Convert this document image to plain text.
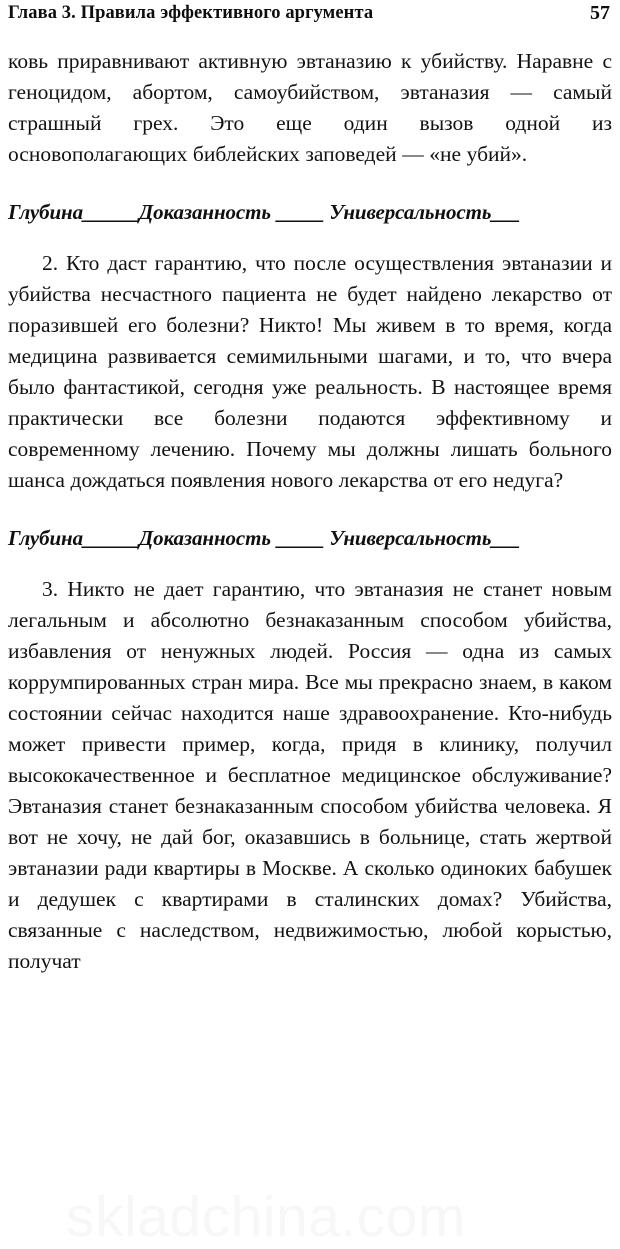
Глава 3. Правила эффективного аргумента	57

ковь приравнивают активную эвтаназию к убийству. Наравне с геноцидом, абортом, самоубийством, эвтаназия — самый страшный грех. Это еще один вызов одной из основополагающих библейских заповедей — «не убий».

Глубина______Доказанность _____ Универсальность___

2. Кто даст гарантию, что после осуществления эвтаназии и убийства несчастного пациента не будет найдено лекарство от поразившей его болезни? Никто! Мы живем в то время, когда медицина развивается семимильными шагами, и то, что вчера было фантастикой, сегодня уже реальность. В настоящее время практически все болезни подаются эффективному и современному лечению. Почему мы должны лишать больного шанса дождаться появления нового лекарства от его недуга?

Глубина______Доказанность _____ Универсальность___

3. Никто не дает гарантию, что эвтаназия не станет новым легальным и абсолютно безнаказанным способом убийства, избавления от ненужных людей. Россия — одна из самых коррумпированных стран мира. Все мы прекрасно знаем, в каком состоянии сейчас находится наше здравоохранение. Кто-нибудь может привести пример, когда, придя в клинику, получил высококачественное и бесплатное медицинское обслуживание? Эвтаназия станет безнаказанным способом убийства человека. Я вот не хочу, не дай бог, оказавшись в больнице, стать жертвой эвтаназии ради квартиры в Москве. А сколько одиноких бабушек и дедушек с квартирами в сталинских домах? Убийства, связанные с наследством, недвижимостью, любой корыстью, получат

skladchina.com
